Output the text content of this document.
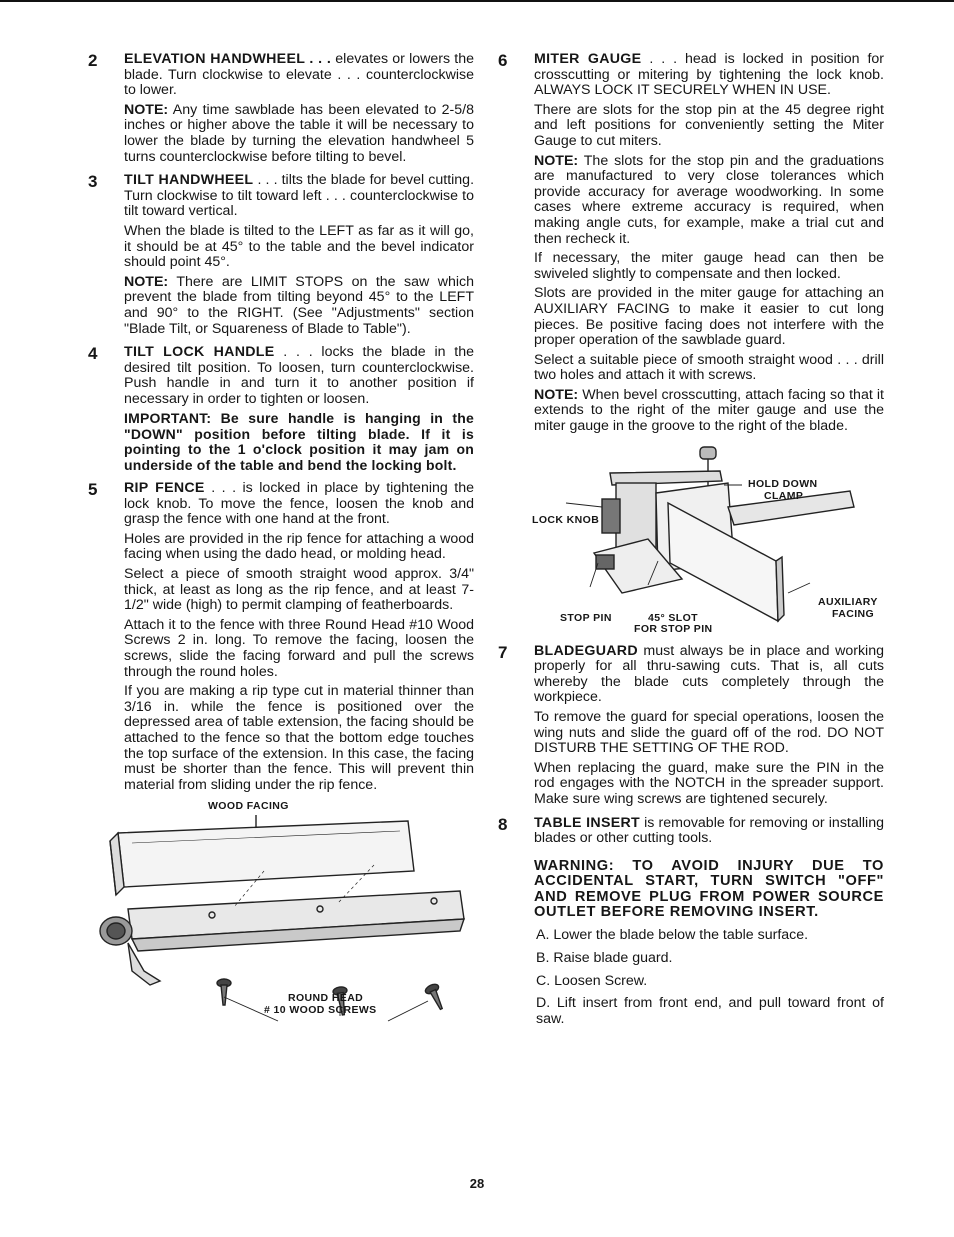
2 ELEVATION HANDWHEEL . . . elevates or lowers the blade. Turn clockwise to elevate . . . counterclockwise to lower.

NOTE: Any time sawblade has been elevated to 2-5/8 inches or higher above the table it will be necessary to lower the blade by turning the elevation handwheel 5 turns counterclockwise before tilting to bevel.

3 TILT HANDWHEEL . . . tilts the blade for bevel cutting. Turn clockwise to tilt toward left . . . counterclockwise to tilt toward vertical.

When the blade is tilted to the LEFT as far as it will go, it should be at 45° to the table and the bevel indicator should point 45°.

NOTE: There are LIMIT STOPS on the saw which prevent the blade from tilting beyond 45° to the LEFT and 90° to the RIGHT. (See "Adjustments" section "Blade Tilt, or Squareness of Blade to Table").

4 TILT LOCK HANDLE . . . locks the blade in the desired tilt position. To loosen, turn counterclockwise. Push handle in and turn it to another position if necessary in order to tighten or loosen.

IMPORTANT: Be sure handle is hanging in the "DOWN" position before tilting blade. If it is pointing to the 1 o'clock position it may jam on underside of the table and bend the locking bolt.

5 RIP FENCE . . . is locked in place by tightening the lock knob. To move the fence, loosen the knob and grasp the fence with one hand at the front.

Holes are provided in the rip fence for attaching a wood facing when using the dado head, or molding head.

Select a piece of smooth straight wood approx. 3/4" thick, at least as long as the rip fence, and at least 7-1/2" wide (high) to permit clamping of featherboards.

Attach it to the fence with three Round Head #10 Wood Screws 2 in. long. To remove the facing, loosen the screws, slide the facing forward and pull the screws through the round holes.

If you are making a rip type cut in material thinner than 3/16 in. while the fence is positioned over the depressed area of table extension, the facing should be attached to the fence so that the bottom edge touches the top surface of the extension. In this case, the facing must be shorter than the fence. This will prevent thin material from sliding under the rip fence.

WOOD FACING
ROUND HEAD
# 10 WOOD SCREWS
6 MITER GAUGE . . . head is locked in position for crosscutting or mitering by tightening the lock knob. ALWAYS LOCK IT SECURELY WHEN IN USE.

There are slots for the stop pin at the 45 degree right and left positions for conveniently setting the Miter Gauge to cut miters.

NOTE: The slots for the stop pin and the graduations are manufactured to very close tolerances which provide accuracy for average woodworking. In some cases where extreme accuracy is required, when making angle cuts, for example, make a trial cut and then recheck it.

If necessary, the miter gauge head can then be swiveled slightly to compensate and then locked.

Slots are provided in the miter gauge for attaching an AUXILIARY FACING to make it easier to cut long pieces. Be positive facing does not interfere with the proper operation of the sawblade guard.

Select a suitable piece of smooth straight wood . . . drill two holes and attach it with screws.

NOTE: When bevel crosscutting, attach facing so that it extends to the right of the miter gauge and use the miter gauge in the groove to the right of the blade.

HOLD DOWN
CLAMP
LOCK KNOB
STOP PIN	45° SLOT
FOR STOP PIN
AUXILIARY
FACING
7 BLADEGUARD must always be in place and working properly for all thru-sawing cuts. That is, all cuts whereby the blade cuts completely through the workpiece.

To remove the guard for special operations, loosen the wing nuts and slide the guard off of the rod. DO NOT DISTURB THE SETTING OF THE ROD.

When replacing the guard, make sure the PIN in the rod engages with the NOTCH in the spreader support. Make sure wing screws are tightened securely.

8 TABLE INSERT is removable for removing or installing blades or other cutting tools.

WARNING: TO AVOID INJURY DUE TO ACCIDENTAL START, TURN SWITCH "OFF" AND REMOVE PLUG FROM POWER SOURCE OUTLET BEFORE REMOVING INSERT.

A. Lower the blade below the table surface.

B. Raise blade guard.

C. Loosen Screw.

D. Lift insert from front end, and pull toward front of saw.

28
